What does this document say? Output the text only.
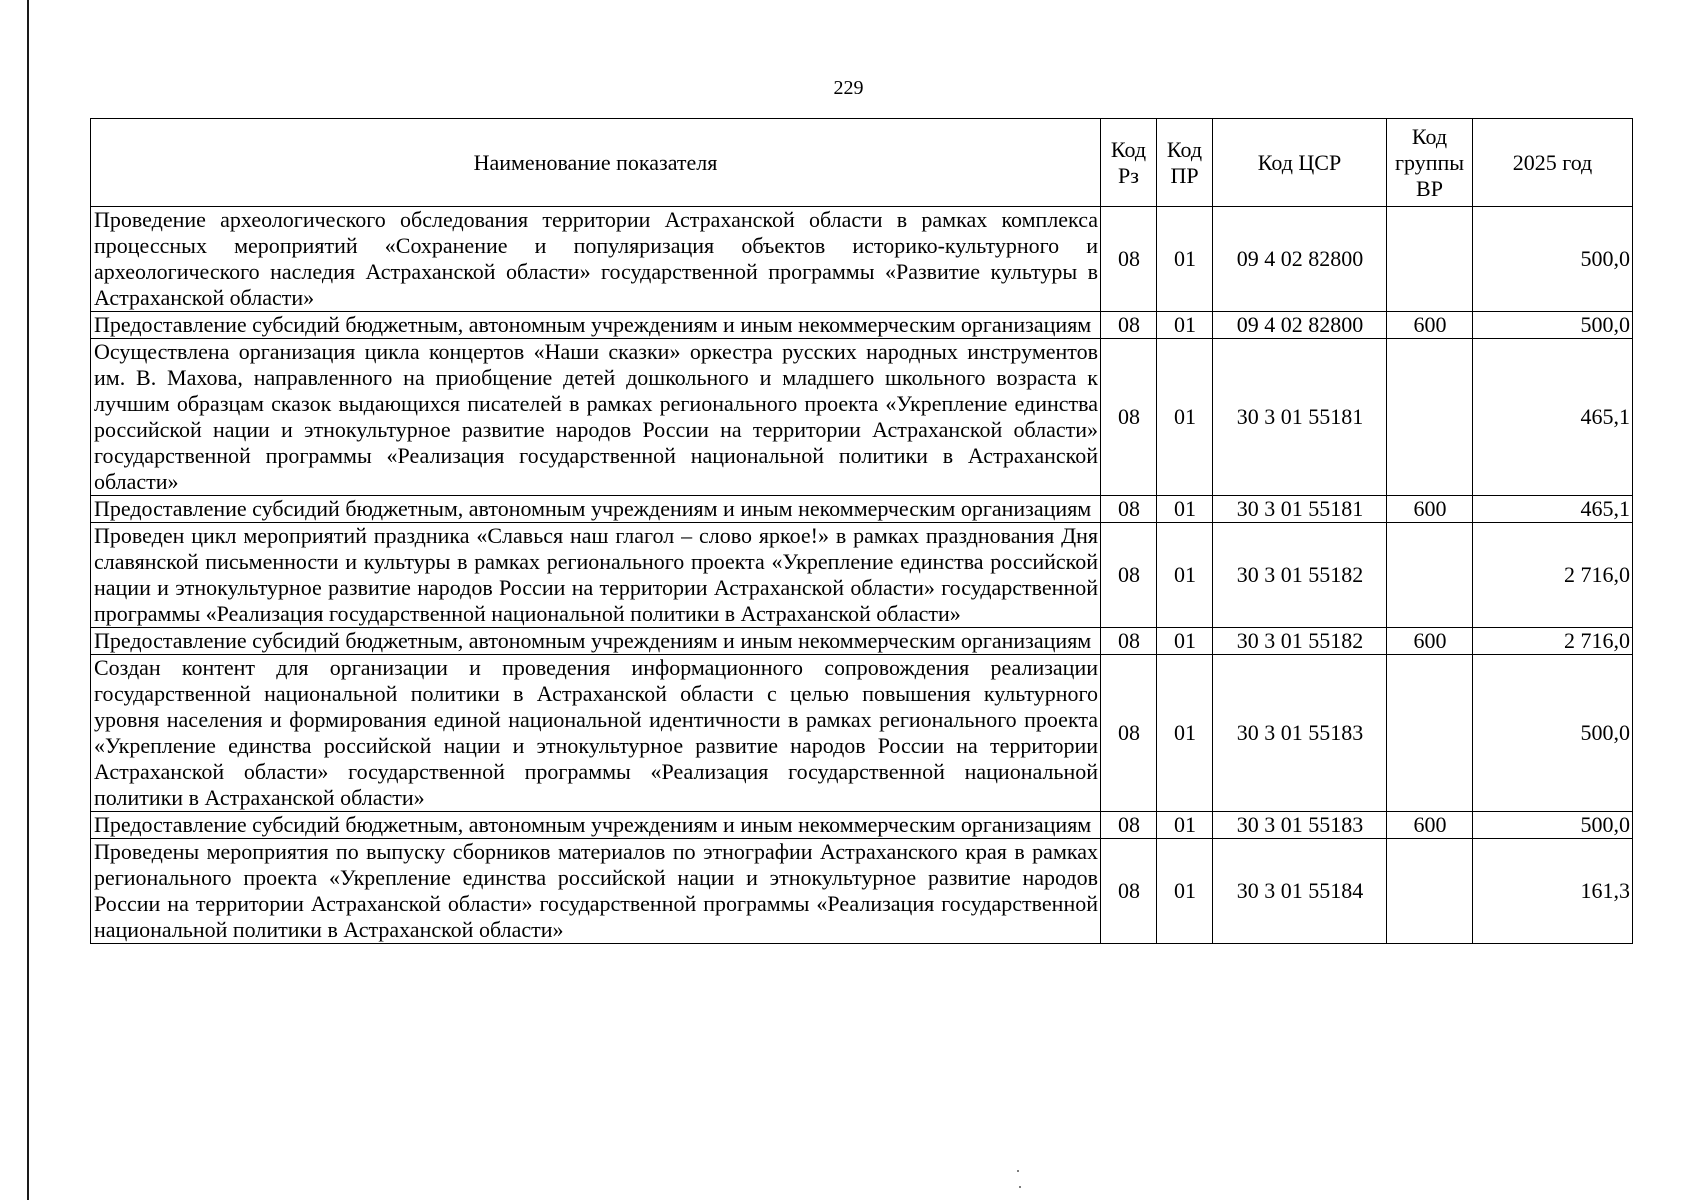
229
Наименование показателя	Код Рз	Код ПР	Код ЦСР	Код группы ВР	2025 год
Проведение археологического обследования территории Астраханской области в рамках комплекса процессных мероприятий «Сохранение и популяризация объектов историко-культурного и археологического наследия Астраханской области» государственной программы «Развитие культуры в Астраханской области»	08	01	09 4 02 82800		500,0
Предоставление субсидий бюджетным, автономным учреждениям и иным некоммерческим организациям	08	01	09 4 02 82800	600	500,0
Осуществлена организация цикла концертов «Наши сказки» оркестра русских народных инструментов им. В. Махова, направленного на приобщение детей дошкольного и младшего школьного возраста к лучшим образцам сказок выдающихся писателей в рамках регионального проекта «Укрепление единства российской нации и этнокультурное развитие народов России на территории Астраханской области» государственной программы «Реализация государственной национальной политики в Астраханской области»	08	01	30 3 01 55181		465,1
Предоставление субсидий бюджетным, автономным учреждениям и иным некоммерческим организациям	08	01	30 3 01 55181	600	465,1
Проведен цикл мероприятий праздника «Славься наш глагол – слово яркое!» в рамках празднования Дня славянской письменности и культуры в рамках регионального проекта «Укрепление единства российской нации и этнокультурное развитие народов России на территории Астраханской области» государственной программы «Реализация государственной национальной политики в Астраханской области»	08	01	30 3 01 55182		2 716,0
Предоставление субсидий бюджетным, автономным учреждениям и иным некоммерческим организациям	08	01	30 3 01 55182	600	2 716,0
Создан контент для организации и проведения информационного сопровождения реализации государственной национальной политики в Астраханской области с целью повышения культурного уровня населения и формирования единой национальной идентичности в рамках регионального проекта «Укрепление единства российской нации и этнокультурное развитие народов России на территории Астраханской области» государственной программы «Реализация государственной национальной политики в Астраханской области»	08	01	30 3 01 55183		500,0
Предоставление субсидий бюджетным, автономным учреждениям и иным некоммерческим организациям	08	01	30 3 01 55183	600	500,0
Проведены мероприятия по выпуску сборников материалов по этнографии Астраханского края в рамках регионального проекта «Укрепление единства российской нации и этнокультурное развитие народов России на территории Астраханской области» государственной программы «Реализация государственной национальной политики в Астраханской области»	08	01	30 3 01 55184		161,3
